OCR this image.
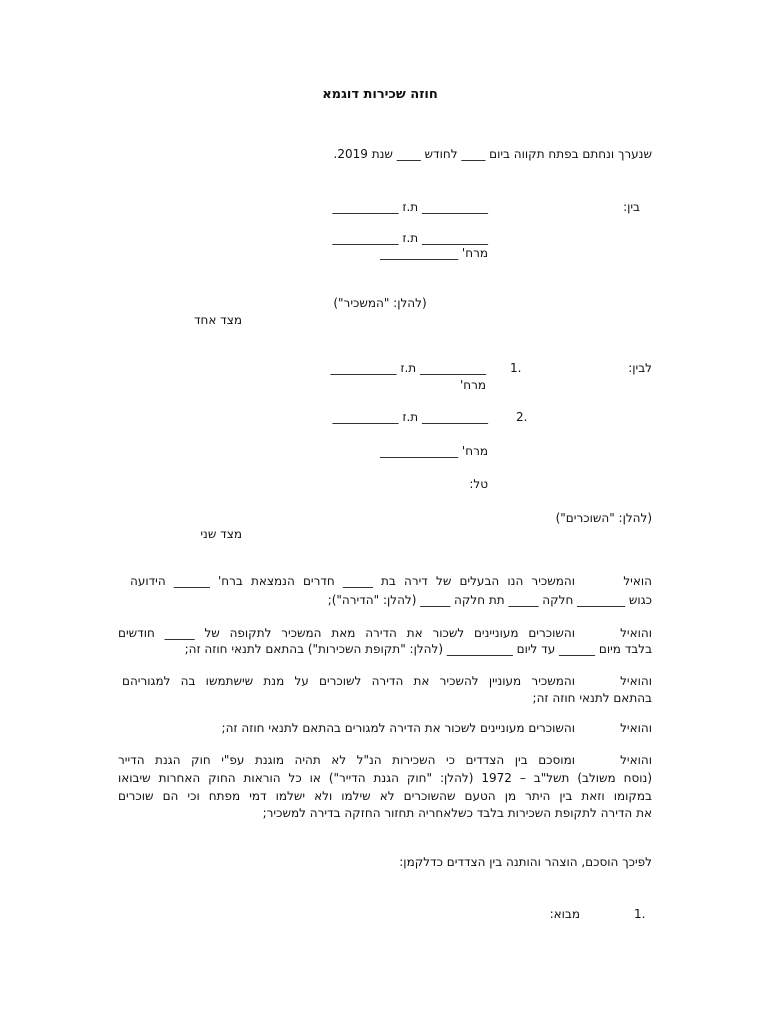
חוזה שכירות דוגמא
שנערך ונחתם בפתח תקווה ביום ____ לחודש ____ שנת 2019.
בין:
___________ ת.ז ___________
___________ ת.ז ___________
מרח' _____________
(להלן: "המשכיר")
מצד אחד
לבין:
1.
___________ ת.ז ___________
מרח'
2.
___________ ת.ז ___________
מרח' _____________
טל:
(להלן: "השוכרים")
מצד שני
הואיל
והמשכיר הנו הבעלים של דירה בת _____ חדרים הנמצאת ברח' ______ הידועה
כגוש ________ חלקה _____ תת חלקה _____ (להלן: "הדירה");
והואיל
והשוכרים מעוניינים לשכור את הדירה מאת המשכיר לתקופה של _____ חודשים
בלבד מיום ______ עד ליום ___________ (להלן: "תקופת השכירות") בהתאם לתנאי חוזה זה;
והואיל
והמשכיר מעוניין להשכיר את הדירה לשוכרים על מנת שישתמשו בה למגוריהם
בהתאם לתנאי חוזה זה;
והואיל
והשוכרים מעוניינים לשכור את הדירה למגורים בהתאם לתנאי חוזה זה;
והואיל
ומוסכם בין הצדדים כי השכירות הנ"ל לא תהיה מוגנת עפ"י חוק הגנת הדייר
(נוסח משולב) תשל"ב – 1972 (להלן: "חוק הגנת הדייר") או כל הוראות החוק האחרות שיבואו
במקומו וזאת בין היתר מן הטעם שהשוכרים לא שילמו ולא ישלמו דמי מפתח וכי הם שוכרים
את הדירה לתקופת השכירות בלבד כשלאחריה תחזור החזקה בדירה למשכיר;
לפיכך הוסכם, הוצהר והותנה בין הצדדים כדלקמן:
1.
מבוא:
